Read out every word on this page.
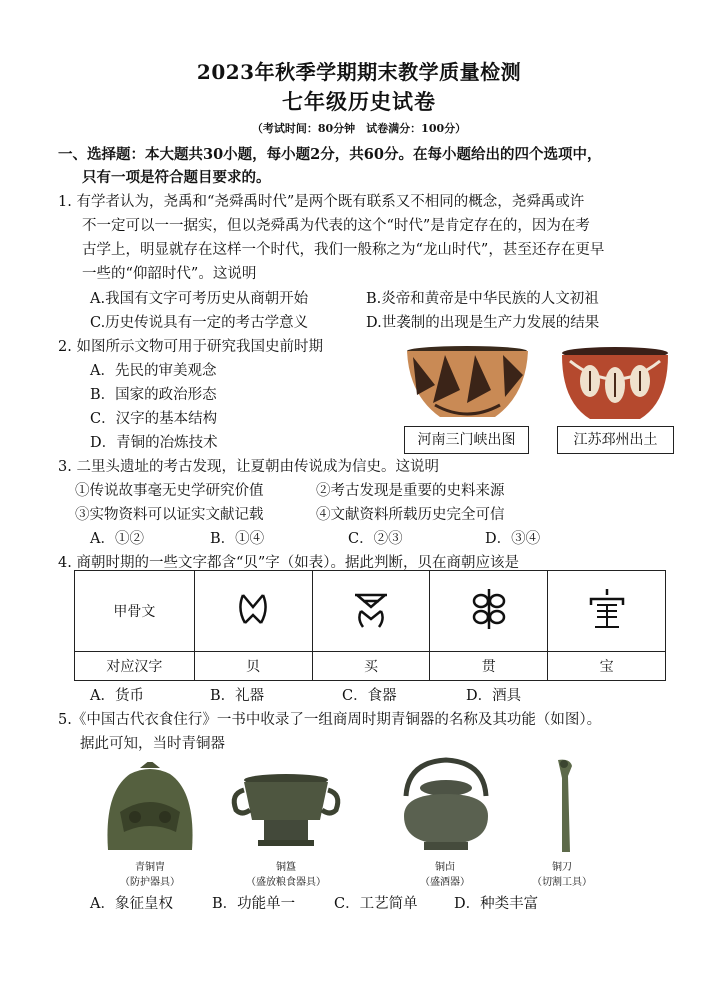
2023年秋季学期期末教学质量检测
七年级历史试卷
（考试时间：80分钟　试卷满分：100分）
一、选择题：本大题共30小题，每小题2分，共60分。在每小题给出的四个选项中，
只有一项是符合题目要求的。
1. 有学者认为，尧禹和“尧舜禹时代”是两个既有联系又不相同的概念，尧舜禹或许
不一定可以一一据实，但以尧舜禹为代表的这个“时代”是肯定存在的，因为在考
古学上，明显就存在这样一个时代，我们一般称之为“龙山时代”，甚至还存在更早
一些的“仰韶时代”。这说明
A.我国有文字可考历史从商朝开始	B.炎帝和黄帝是中华民族的人文初祖
C.历史传说具有一定的考古学意义	D.世袭制的出现是生产力发展的结果
2. 如图所示文物可用于研究我国史前时期
A．先民的审美观念
B．国家的政治形态
C．汉字的基本结构
D．青铜的冶炼技术	河南三门峡出图	江苏邳州出土
3. 二里头遗址的考古发现，让夏朝由传说成为信史。这说明
①传说故事毫无史学研究价值	②考古发现是重要的史料来源
③实物资料可以证实文献记载	④文献资料所载历史完全可信
A．①②	B．①④	C．②③	D．③④
4. 商朝时期的一些文字都含“贝”字（如表）。据此判断，贝在商朝应该是
甲骨文				
对应汉字	贝	买	贯	宝
A．货币	B．礼器	C．食器	D．酒具
5.《中国古代衣食住行》一书中收录了一组商周时期青铜器的名称及其功能（如图）。
据此可知，当时青铜器
青铜胄
（防护器具）
铜簋
（盛放粮食器具）
铜卣
（盛酒器）
铜刀
（切割工具）
A．象征皇权	B．功能单一	C．工艺简单	D．种类丰富
